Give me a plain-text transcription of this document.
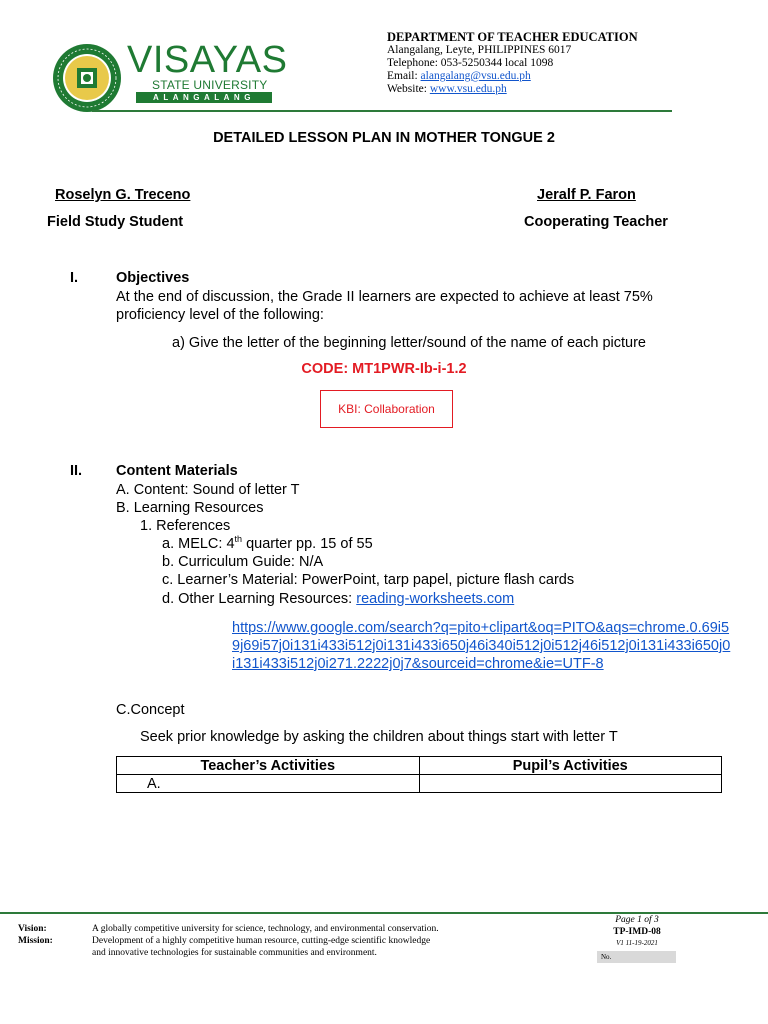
VISAYAS
STATE UNIVERSITY
ALANGALANG
DEPARTMENT OF TEACHER EDUCATION
Alangalang, Leyte, PHILIPPINES 6017
Telephone: 053-5250344 local 1098
Email: alangalang@vsu.edu.ph
Website: www.vsu.edu.ph
DETAILED LESSON PLAN IN MOTHER TONGUE 2
Roselyn G. Treceno
Field Study Student
Jeralf P. Faron
Cooperating Teacher
I.	Objectives
At the end of discussion, the Grade II learners are expected to achieve at least 75% proficiency level of the following:
a) Give the letter of the beginning letter/sound of the name of each picture
CODE: MT1PWR-Ib-i-1.2
KBI: Collaboration
II. Content Materials
A. Content: Sound of letter T
B. Learning Resources
1. References
a. MELC: 4th quarter pp. 15 of 55
b. Curriculum Guide: N/A
c. Learner’s Material: PowerPoint, tarp papel, picture flash cards
d. Other Learning Resources: reading-worksheets.com
https://www.google.com/search?q=pito+clipart&oq=PITO&aqs=chrome.0.69i59j69i57j0i131i433i512j0i131i433i650j46i340i512j0i512j46i512j0i131i433i650j0i131i433i512j0i271.2222j0j7&sourceid=chrome&ie=UTF-8
C.Concept
Seek prior knowledge by asking the children about things start with letter T
Teacher’s Activities	Pupil’s Activities
A.	
Vision:	A globally competitive university for science, technology, and environmental conservation.
Mission:	Development of a highly competitive human resource, cutting-edge scientific knowledge
and innovative technologies for sustainable communities and environment.
Page 1 of 3
TP-IMD-08
V1 11-19-2021
No.
